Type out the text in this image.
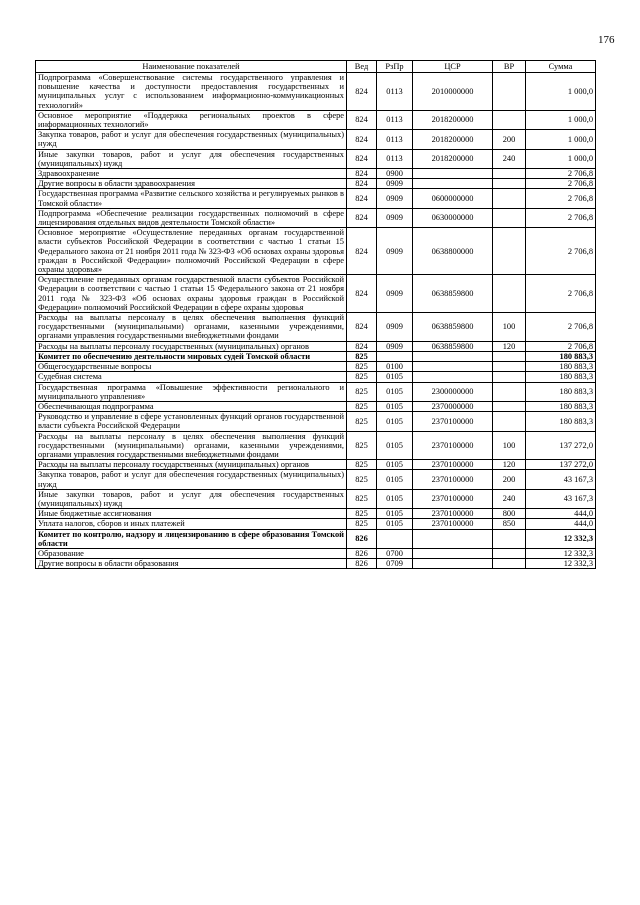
176
Наименование показателей	Вед	РзПр	ЦСР	ВР	Сумма
Подпрограмма «Совершенствование системы государственного управления и повышение качества и доступности предоставления государственных и муниципальных услуг с использованием информационно-коммуникационных технологий»	824	0113	2010000000		1 000,0
Основное мероприятие «Поддержка региональных проектов в сфере информационных технологий»	824	0113	2018200000		1 000,0
Закупка товаров, работ и услуг для обеспечения государственных (муниципальных) нужд	824	0113	2018200000	200	1 000,0
Иные закупки товаров, работ и услуг для обеспечения государственных (муниципальных) нужд	824	0113	2018200000	240	1 000,0
Здравоохранение	824	0900			2 706,8
Другие вопросы в области здравоохранения	824	0909			2 706,8
Государственная программа «Развитие сельского хозяйства и регулируемых рынков в Томской области»	824	0909	0600000000		2 706,8
Подпрограмма «Обеспечение реализации государственных полномочий в сфере лицензирования отдельных видов деятельности Томской области»	824	0909	0630000000		2 706,8
Основное мероприятие «Осуществление переданных органам государственной власти субъектов Российской Федерации в соответствии с частью 1 статьи 15 Федерального закона от 21 ноября 2011 года № 323-ФЗ «Об основах охраны здоровья граждан в Российской Федерации» полномочий Российской Федерации в сфере охраны здоровья»	824	0909	0638800000		2 706,8
Осуществление переданных органам государственной власти субъектов Российской Федерации в соответствии с частью 1 статьи 15 Федерального закона от 21 ноября 2011 года № 323-ФЗ «Об основах охраны здоровья граждан в Российской Федерации» полномочий Российской Федерации в сфере охраны здоровья	824	0909	0638859800		2 706,8
Расходы на выплаты персоналу в целях обеспечения выполнения функций государственными (муниципальными) органами, казенными учреждениями, органами управления государственными внебюджетными фондами	824	0909	0638859800	100	2 706,8
Расходы на выплаты персоналу государственных (муниципальных) органов	824	0909	0638859800	120	2 706,8
Комитет по обеспечению деятельности мировых судей Томской области	825				180 883,3
Общегосударственные вопросы	825	0100			180 883,3
Судебная система	825	0105			180 883,3
Государственная программа «Повышение эффективности регионального и муниципального управления»	825	0105	2300000000		180 883,3
Обеспечивающая подпрограмма	825	0105	2370000000		180 883,3
Руководство и управление в сфере установленных функций органов государственной власти субъекта Российской Федерации	825	0105	2370100000		180 883,3
Расходы на выплаты персоналу в целях обеспечения выполнения функций государственными (муниципальными) органами, казенными учреждениями, органами управления государственными внебюджетными фондами	825	0105	2370100000	100	137 272,0
Расходы на выплаты персоналу государственных (муниципальных) органов	825	0105	2370100000	120	137 272,0
Закупка товаров, работ и услуг для обеспечения государственных (муниципальных) нужд	825	0105	2370100000	200	43 167,3
Иные закупки товаров, работ и услуг для обеспечения государственных (муниципальных) нужд	825	0105	2370100000	240	43 167,3
Иные бюджетные ассигнования	825	0105	2370100000	800	444,0
Уплата налогов, сборов и иных платежей	825	0105	2370100000	850	444,0
Комитет по контролю, надзору и лицензированию в сфере образования Томской области	826				12 332,3
Образование	826	0700			12 332,3
Другие вопросы в области образования	826	0709			12 332,3
